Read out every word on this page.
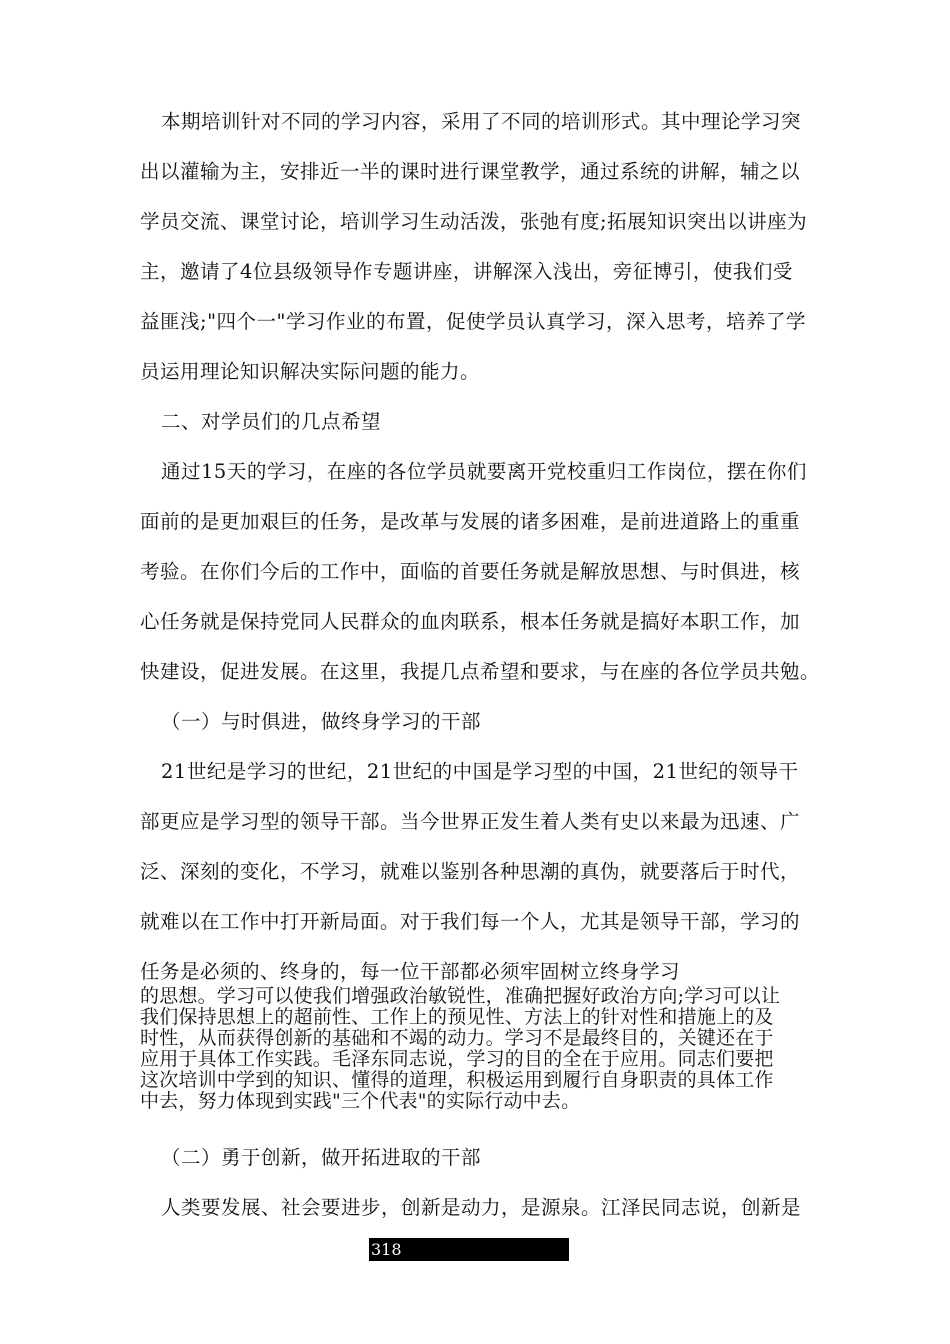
本期培训针对不同的学习内容，采用了不同的培训形式。其中理论学习突
出以灌输为主，安排近一半的课时进行课堂教学，通过系统的讲解，辅之以
学员交流、课堂讨论，培训学习生动活泼，张弛有度;拓展知识突出以讲座为
主，邀请了4位县级领导作专题讲座，讲解深入浅出，旁征博引，使我们受
益匪浅;"四个一"学习作业的布置，促使学员认真学习，深入思考，培养了学
员运用理论知识解决实际问题的能力。
二、对学员们的几点希望
通过15天的学习，在座的各位学员就要离开党校重归工作岗位，摆在你们
面前的是更加艰巨的任务，是改革与发展的诸多困难，是前进道路上的重重
考验。在你们今后的工作中，面临的首要任务就是解放思想、与时俱进，核
心任务就是保持党同人民群众的血肉联系，根本任务就是搞好本职工作，加
快建设，促进发展。在这里，我提几点希望和要求，与在座的各位学员共勉。
（一）与时俱进，做终身学习的干部
21世纪是学习的世纪，21世纪的中国是学习型的中国，21世纪的领导干
部更应是学习型的领导干部。当今世界正发生着人类有史以来最为迅速、广
泛、深刻的变化，不学习，就难以鉴别各种思潮的真伪，就要落后于时代，
就难以在工作中打开新局面。对于我们每一个人，尤其是领导干部，学习的
任务是必须的、终身的，每一位干部都必须牢固树立终身学习
的思想。学习可以使我们增强政治敏锐性，准确把握好政治方向;学习可以让
我们保持思想上的超前性、工作上的预见性、方法上的针对性和措施上的及
时性，从而获得创新的基础和不竭的动力。学习不是最终目的，关键还在于
应用于具体工作实践。毛泽东同志说，学习的目的全在于应用。同志们要把
这次培训中学到的知识、懂得的道理，积极运用到履行自身职责的具体工作
中去，努力体现到实践"三个代表"的实际行动中去。
（二）勇于创新，做开拓进取的干部
人类要发展、社会要进步，创新是动力，是源泉。江泽民同志说，创新是
318
